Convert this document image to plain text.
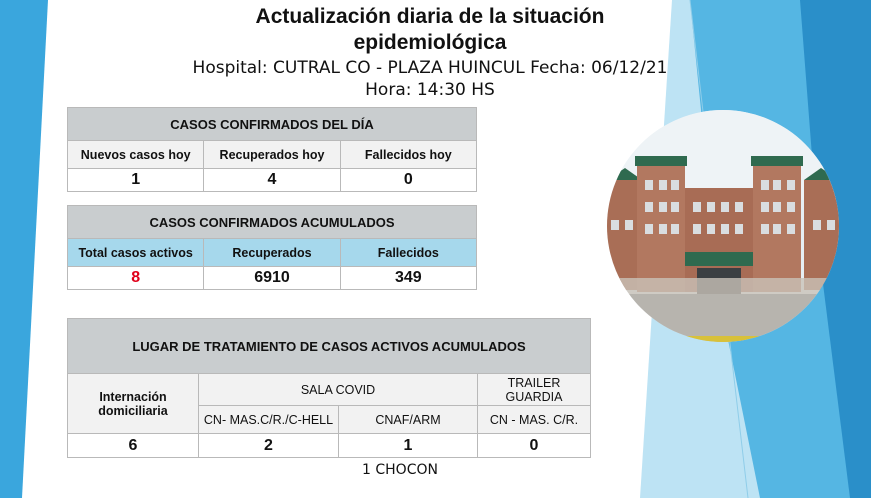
Actualización diaria de la situación epidemiológica
Hospital: CUTRAL CO - PLAZA HUINCUL Fecha: 06/12/21
Hora: 14:30 HS
CASOS CONFIRMADOS DEL DÍA		
Nuevos casos hoy	Recuperados hoy	Fallecidos hoy
1	4	0
CASOS CONFIRMADOS ACUMULADOS		
Total casos activos	Recuperados	Fallecidos
8	6910	349
LUGAR DE TRATAMIENTO DE CASOS ACTIVOS ACUMULADOS			
Internación domiciliaria	SALA COVID		TRAILER GUARDIA
	CN- MAS.C/R./C-HELL	CNAF/ARM	CN - MAS. C/R.
6	2	1	0
1 CHOCON
